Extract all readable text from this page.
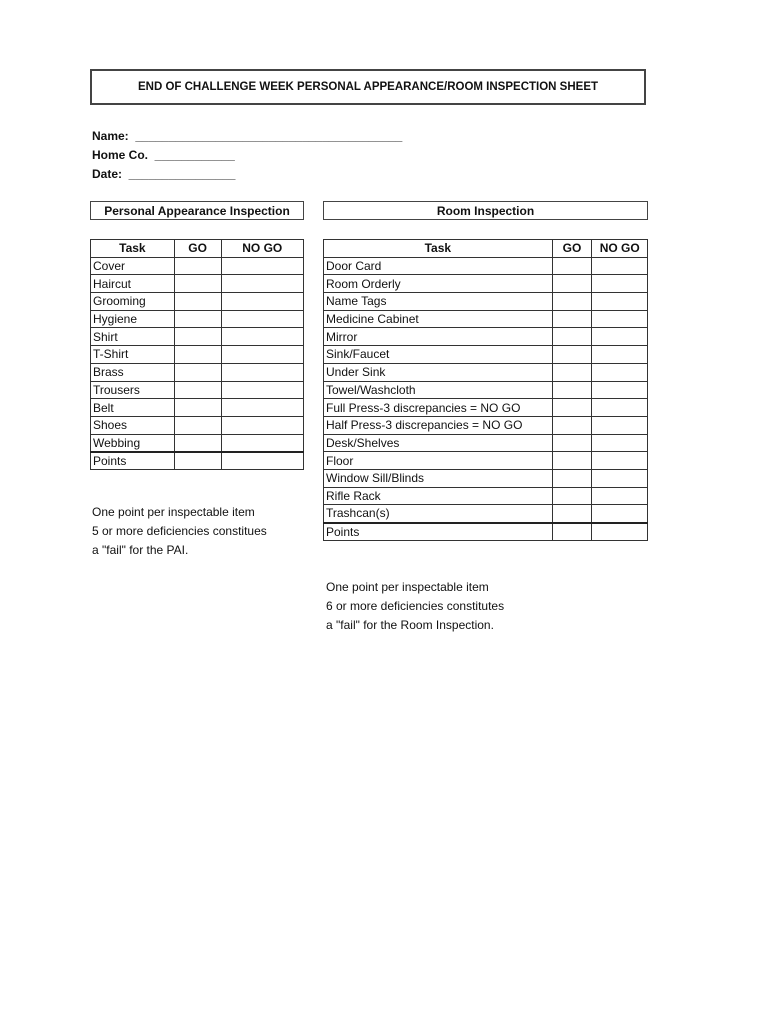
END OF CHALLENGE WEEK PERSONAL APPEARANCE/ROOM INSPECTION SHEET
Name:  ________________________________________
Home Co.  ____________
Date:  ________________
Personal Appearance Inspection	Room Inspection
Task	GO	NO GO
Cover		
Haircut		
Grooming		
Hygiene		
Shirt		
T-Shirt		
Brass		
Trousers		
Belt		
Shoes		
Webbing		
Points		
Task	GO	NO GO
Door Card		
Room Orderly		
Name Tags		
Medicine Cabinet		
Mirror		
Sink/Faucet		
Under Sink		
Towel/Washcloth		
Full Press-3 discrepancies = NO GO		
Half Press-3 discrepancies = NO GO		
Desk/Shelves		
Floor		
Window Sill/Blinds		
Rifle Rack		
Trashcan(s)		
Points		
One point per inspectable item
5 or more deficiencies constitues
a "fail" for the PAI.
One point per inspectable item
6 or more deficiencies constitutes
a "fail" for the Room Inspection.
